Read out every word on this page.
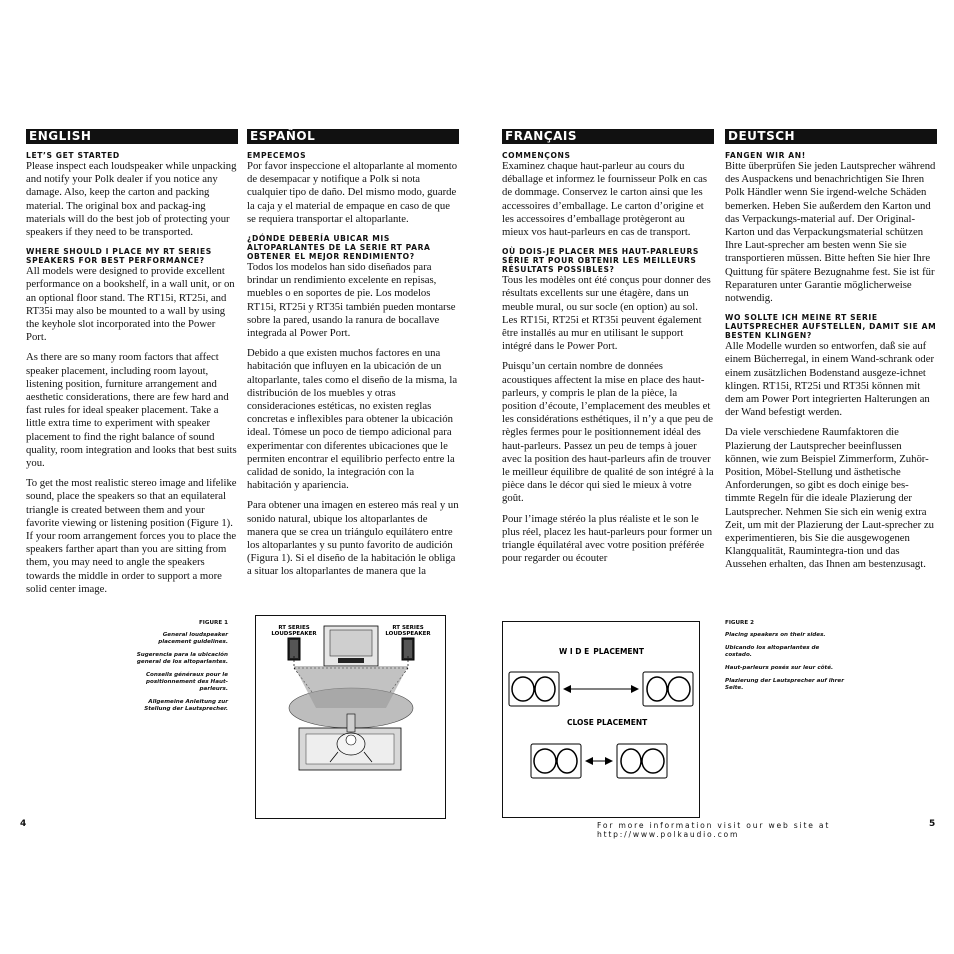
ENGLISH

LET’S GET STARTED

Please inspect each loudspeaker while unpacking and notify your Polk dealer if you notice any damage. Also, keep the carton and packing material. The original box and packag-ing materials will do the best job of protecting your speakers if they need to be transported.

WHERE SHOULD I PLACE MY RT SERIES SPEAKERS FOR BEST PERFORMANCE?

All models were designed to provide excellent performance on a bookshelf, in a wall unit, or on an optional floor stand. The RT15i, RT25i, and RT35i may also be mounted to a wall by using the keyhole slot incorporated into the Power Port.

As there are so many room factors that affect speaker placement, including room layout, listening position, furniture arrangement and aesthetic considerations, there are few hard and fast rules for ideal speaker placement. Take a little extra time to experiment with speaker placement to find the right balance of sound quality, room integration and looks that best suits you.

To get the most realistic stereo image and lifelike sound, place the speakers so that an equilateral triangle is created between them and your favorite viewing or listening position (Figure 1). If your room arrangement forces you to place the speakers farther apart than you are sitting from them, you may need to angle the speakers towards the middle in order to support a more solid center image.

ESPAÑOL

EMPECEMOS

Por favor inspeccione el altoparlante al momento de desempacar y notifique a Polk si nota cualquier tipo de daño. Del mismo modo, guarde la caja y el material de empaque en caso de que se requiera transportar el altoparlante.

¿DÓNDE DEBERÍA UBICAR MIS ALTOPARLANTES DE LA SERIE RT PARA OBTENER EL MEJOR RENDIMIENTO?

Todos los modelos han sido diseñados para brindar un rendimiento excelente en repisas, muebles o en soportes de pie. Los modelos RT15i, RT25i y RT35i también pueden montarse sobre la pared, usando la ranura de bocallave integrada al Power Port.

Debido a que existen muchos factores en una habitación que influyen en la ubicación de un altoparlante, tales como el diseño de la misma, la distribución de los muebles y otras consideraciones estéticas, no existen reglas concretas e inflexibles para obtener la ubicación ideal. Tómese un poco de tiempo adicional para experimentar con diferentes ubicaciones que le permiten encontrar el equilibrio perfecto entre la calidad de sonido, la integración con la habitación y apariencia.

Para obtener una imagen en estereo más real y un sonido natural, ubique los altoparlantes de manera que se crea un triángulo equilátero entre los altoparlantes y su punto favorito de audición (Figura 1). Si el diseño de la habitación le obliga a situar los altoparlantes de manera que la

FRANÇAIS

COMMENÇONS

Examinez chaque haut-parleur au cours du déballage et informez le fournisseur Polk en cas de dommage. Conservez le carton ainsi que les accessoires d’emballage. Le carton d’origine et les accessoires d’emballage protègeront au mieux vos haut-parleurs en cas de transport.

OÙ DOIS-JE PLACER MES HAUT-PARLEURS SÉRIE RT POUR OBTENIR LES MEILLEURS RÉSULTATS POSSIBLES?

Tous les modèles ont été conçus pour donner des résultats excellents sur une étagère, dans un meuble mural, ou sur socle (en option) au sol. Les RT15i, RT25i et RT35i peuvent également être installés au mur en utilisant le support intégré dans le Power Port.

Puisqu’un certain nombre de données acoustiques affectent la mise en place des haut-parleurs, y compris le plan de la pièce, la position d’écoute, l’emplacement des meubles et les considérations esthétiques, il n’y a que peu de règles fermes pour le positionnement idéal des haut-parleurs. Passez un peu de temps à jouer avec la position des haut-parleurs afin de trouver le meilleur équilibre de qualité de son intégré à la pièce dans le décor qui sied le mieux à votre goût.

Pour l’image stéréo la plus réaliste et le son le plus réel, placez les haut-parleurs pour former un triangle équilatéral avec votre position préférée pour regarder ou écouter

DEUTSCH

FANGEN WIR AN!

Bitte überprüfen Sie jeden Lautsprecher während des Auspackens und benachrichtigen Sie Ihren Polk Händler wenn Sie irgend-welche Schäden bemerken. Heben Sie außerdem den Karton und das Verpackungs-material auf. Der Original-Karton und das Verpackungsmaterial schützen Ihre Laut-sprecher am besten wenn Sie sie transportieren müssen. Bitte heften Sie hier Ihre Quittung für spätere Bezugnahme fest. Sie ist für Reparaturen unter Garantie möglicherweise notwendig.

WO SOLLTE ICH MEINE RT SERIE LAUTSPRECHER AUFSTELLEN, DAMIT SIE AM BESTEN KLINGEN?

Alle Modelle wurden so entworfen, daß sie auf einem Bücherregal, in einem Wand-schrank oder einem zusätzlichen Bodenstand ausgeze-ichnet klingen. RT15i, RT25i und RT35i können mit dem am Power Port integrierten Halterungen an der Wand befestigt werden.

Da viele verschiedene Raumfaktoren die Plazierung der Lautsprecher beeinflussen können, wie zum Beispiel Zimmerform, Zuhör-Position, Möbel-Stellung und ästhetische Anforderungen, so gibt es doch einige bes-timmte Regeln für die ideale Plazierung der Lautsprecher. Nehmen Sie sich ein wenig extra Zeit, um mit der Plazierung der Laut-sprecher zu experimentieren, bis Sie die ausgewogenen Klangqualität, Raumintegra-tion und das Aussehen erhalten, das Ihnen am bestenzusagt.

FIGURE 1

General loudspeaker placement guidelines.

Sugerencia para la ubicación general de los altoparlantes.

Conseils généraux pour le positionnement des Haut-parleurs.

Allgemeine Anleitung zur Stellung der Lautsprecher.

RT SERIES
LOUDSPEAKER
RT SERIES
LOUDSPEAKER
W I D E PLACEMENT
CLOSE PLACEMENT

FIGURE 2

Placing speakers on their sides.

Ubicando los altoparlantes de costado.

Haut-parleurs posés sur leur côté.

Plazierung der Lautsprecher auf ihrer Seite.

4	For more information visit our web site at http://www.polkaudio.com
5
